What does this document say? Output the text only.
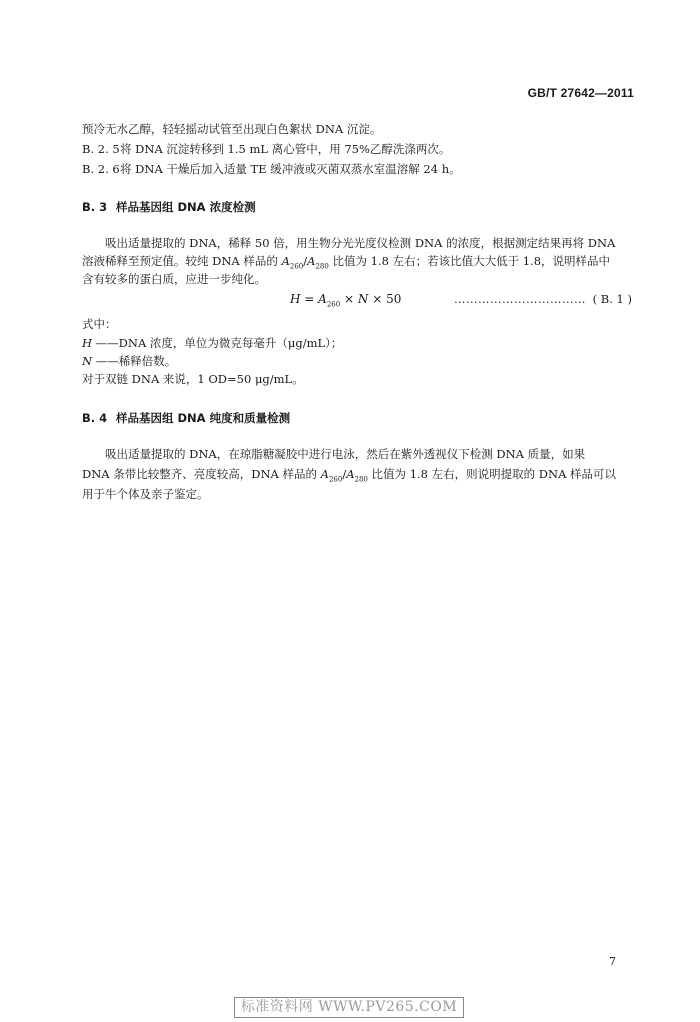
GB/T 27642—2011
预冷无水乙醇，轻轻摇动试管至出现白色絮状 DNA 沉淀。
B. 2. 5将 DNA 沉淀转移到 1.5 mL 离心管中，用 75%乙醇洗涤两次。
B. 2. 6将 DNA 干燥后加入适量 TE 缓冲液或灭菌双蒸水室温溶解 24 h。
B. 3 样品基因组 DNA 浓度检测
吸出适量提取的 DNA，稀释 50 倍，用生物分光光度仪检测 DNA 的浓度，根据测定结果再将 DNA
溶液稀释至预定值。较纯 DNA 样品的 $A_{260}/A_{280}$ 比值为 1.8 左右；若该比值大大低于 1.8，说明样品中
含有较多的蛋白质，应进一步纯化。
$H = A_{260} \times N \times 50$	…………………………… ( B. 1 )
式中：
H ——DNA 浓度，单位为微克每毫升（μg/mL）；
N ——稀释倍数。
对于双链 DNA 来说，1 OD=50 μg/mL。
B. 4 样品基因组 DNA 纯度和质量检测
吸出适量提取的 DNA，在琼脂糖凝胶中进行电泳，然后在紫外透视仪下检测 DNA 质量，如果
DNA 条带比较整齐、亮度较高，DNA 样品的 $A_{260}/A_{280}$ 比值为 1.8 左右，则说明提取的 DNA 样品可以
用于牛个体及亲子鉴定。
7
标准资料网 WWW.PV265.COM
